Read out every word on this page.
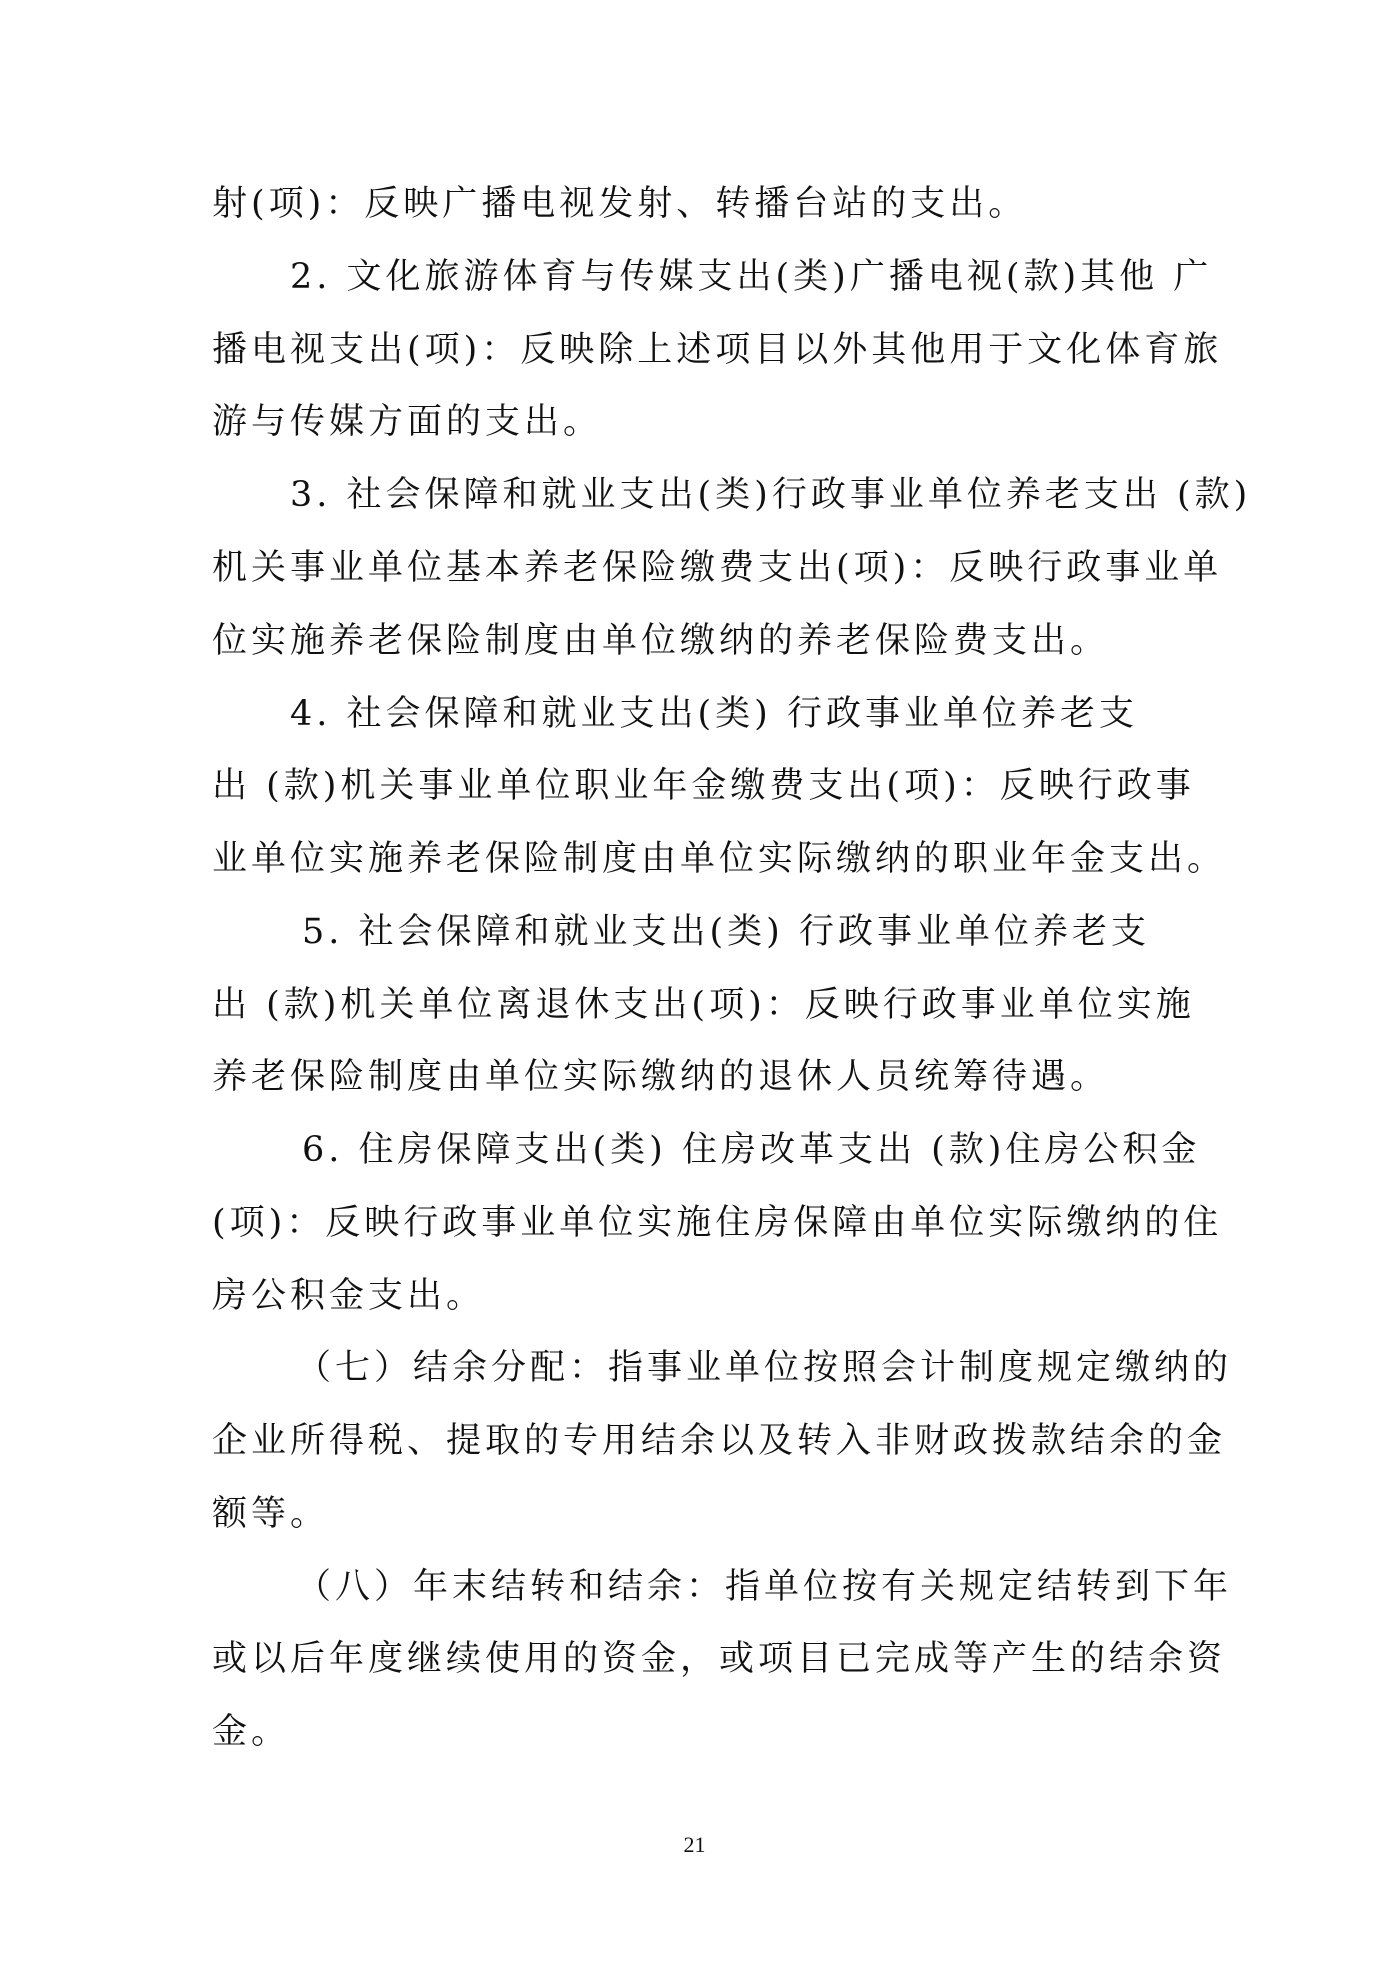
射(项)：反映广播电视发射、转播台站的支出。
2. 文化旅游体育与传媒支出(类)广播电视(款)其他 广
播电视支出(项)：反映除上述项目以外其他用于文化体育旅
游与传媒方面的支出。
3. 社会保障和就业支出(类)行政事业单位养老支出 (款)
机关事业单位基本养老保险缴费支出(项)：反映行政事业单
位实施养老保险制度由单位缴纳的养老保险费支出。
4. 社会保障和就业支出(类) 行政事业单位养老支
出 (款)机关事业单位职业年金缴费支出(项)：反映行政事
业单位实施养老保险制度由单位实际缴纳的职业年金支出。
5. 社会保障和就业支出(类) 行政事业单位养老支
出 (款)机关单位离退休支出(项)：反映行政事业单位实施
养老保险制度由单位实际缴纳的退休人员统筹待遇。
6. 住房保障支出(类) 住房改革支出 (款)住房公积金
(项)：反映行政事业单位实施住房保障由单位实际缴纳的住
房公积金支出。
（七）结余分配：指事业单位按照会计制度规定缴纳的
企业所得税、提取的专用结余以及转入非财政拨款结余的金
额等。
（八）年末结转和结余：指单位按有关规定结转到下年
或以后年度继续使用的资金，或项目已完成等产生的结余资
金。
21
